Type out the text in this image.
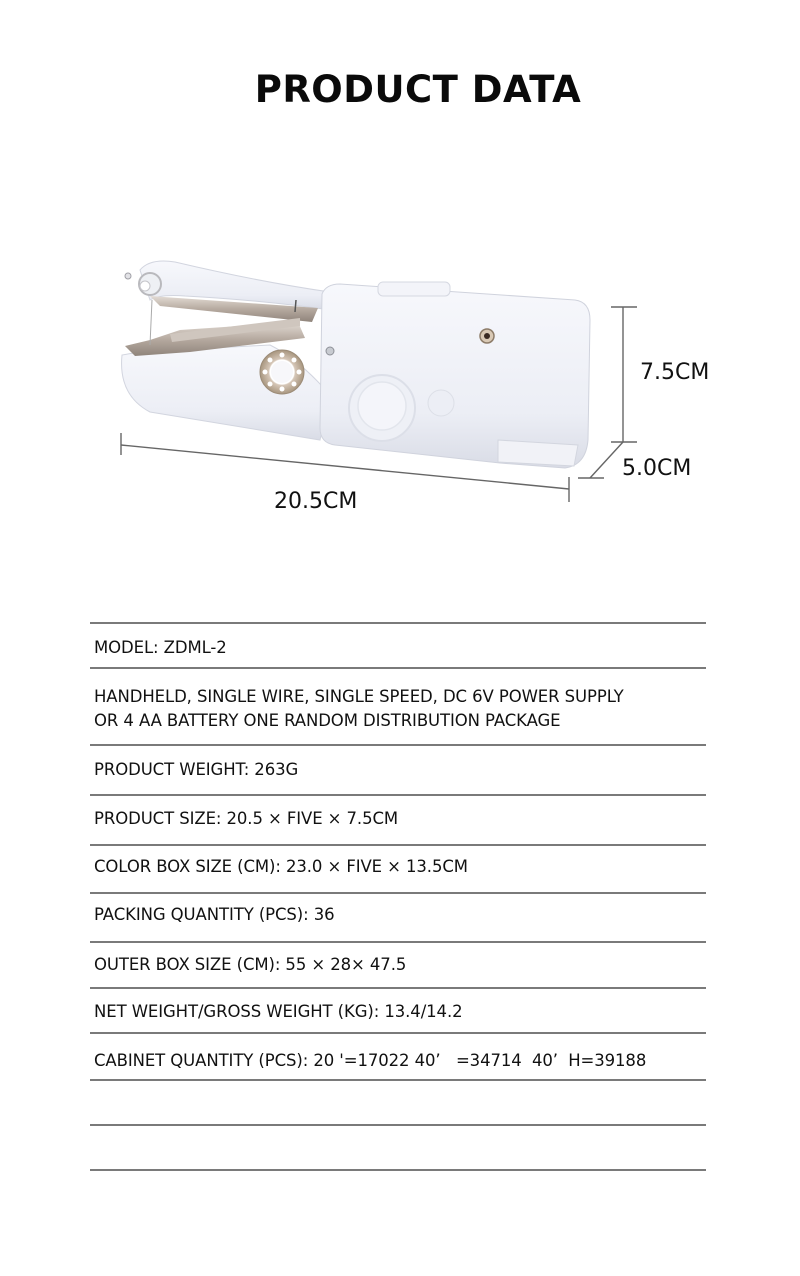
PRODUCT DATA
20.5CM
7.5CM
5.0CM
MODEL: ZDML-2
HANDHELD, SINGLE WIRE, SINGLE SPEED, DC 6V POWER SUPPLY
OR 4 AA BATTERY ONE RANDOM DISTRIBUTION PACKAGE
PRODUCT WEIGHT: 263G
PRODUCT SIZE: 20.5 × FIVE × 7.5CM
COLOR BOX SIZE (CM): 23.0 × FIVE × 13.5CM
PACKING QUANTITY (PCS): 36
OUTER BOX SIZE (CM): 55 × 28× 47.5
NET WEIGHT/GROSS WEIGHT (KG): 13.4/14.2
CABINET QUANTITY (PCS): 20 '=17022 40’   =34714  40’  H=39188
